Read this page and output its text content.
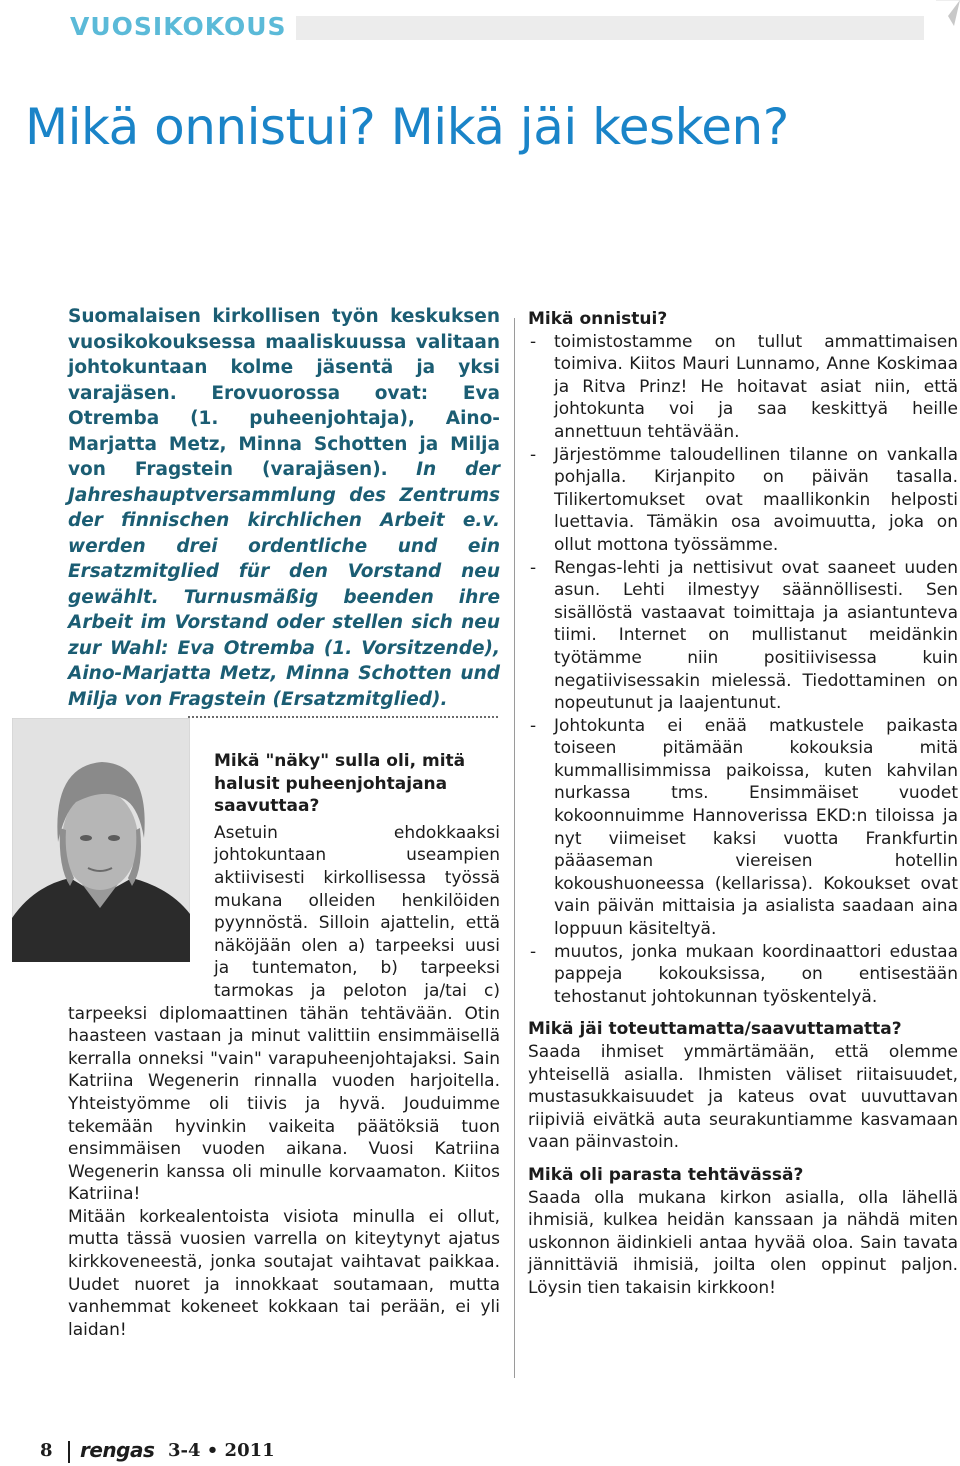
VUOSIKOKOUS
Mikä onnistui? Mikä jäi kesken?

Suomalaisen kirkollisen työn keskuksen vuosikokouksessa maaliskuussa valitaan johtokuntaan kolme jäsentä ja yksi varajäsen. Erovuorossa ovat: Eva Otremba (1. puheenjohtaja), Aino-Marjatta Metz, Minna Schotten ja Milja von Fragstein (varajäsen). In der Jahreshauptversammlung des Zentrums der finnischen kirchlichen Arbeit e.v. werden drei ordentliche und ein Ersatzmitglied für den Vorstand neu gewählt. Turnusmäßig beenden ihre Arbeit im Vorstand oder stellen sich neu zur Wahl: Eva Otremba (1. Vorsitzende), Aino-Marjatta Metz, Minna Schotten und Milja von Fragstein (Ersatzmitglied).

Mikä "näky" sulla oli, mitä halusit puheenjohtajana saavuttaa?

Asetuin ehdokkaaksi johtokuntaan useampien aktiivisesti kirkollisessa työssä mukana olleiden henkilöiden pyynnöstä. Silloin ajattelin, että näköjään olen a) tarpeeksi uusi ja tuntematon, b) tarpeeksi tarmokas ja peloton ja/tai c) tarpeeksi diplomaattinen tähän tehtävään. Otin haasteen vastaan ja minut valittiin ensimmäisellä kerralla onneksi "vain" varapuheenjohtajaksi. Sain Katriina Wegenerin rinnalla vuoden harjoitella. Yhteistyömme oli tiivis ja hyvä. Jouduimme tekemään hyvinkin vaikeita päätöksiä tuon ensimmäisen vuoden aikana. Vuosi Katriina Wegenerin kanssa oli minulle korvaamaton. Kiitos Katriina!

Mitään korkealentoista visiota minulla ei ollut, mutta tässä vuosien varrella on kiteytynyt ajatus kirkkoveneestä, jonka soutajat vaihtavat paikkaa. Uudet nuoret ja innokkaat soutamaan, mutta vanhemmat kokeneet kokkaan tai perään, ei yli laidan!

Mikä onnistui?
- toimistostamme on tullut ammattimaisen toimiva. Kiitos Mauri Lunnamo, Anne Koskimaa ja Ritva Prinz! He hoitavat asiat niin, että johtokunta voi ja saa keskittyä heille annettuun tehtävään.
- Järjestömme taloudellinen tilanne on vankalla pohjalla. Kirjanpito on päivän tasalla. Tilikertomukset ovat maallikonkin helposti luettavia. Tämäkin osa avoimuutta, joka on ollut mottona työssämme.
- Rengas-lehti ja nettisivut ovat saaneet uuden asun. Lehti ilmestyy säännöllisesti. Sen sisällöstä vastaavat toimittaja ja asiantunteva tiimi. Internet on mullistanut meidänkin työtämme niin positiivisessa kuin negatiivisessakin mielessä. Tiedottaminen on nopeutunut ja laajentunut.
- Johtokunta ei enää matkustele paikasta toiseen pitämään kokouksia mitä kummallisimmissa paikoissa, kuten kahvilan nurkassa tms. Ensimmäiset vuodet kokoonnuimme Hannoverissa EKD:n tiloissa ja nyt viimeiset kaksi vuotta Frankfurtin pääaseman viereisen hotellin kokoushuoneessa (kellarissa). Kokoukset ovat vain päivän mittaisia ja asialista saadaan aina loppuun käsiteltyä.
- muutos, jonka mukaan koordinaattori edustaa pappeja kokouksissa, on entisestään tehostanut johtokunnan työskentelyä.
Mikä jäi toteuttamatta/saavuttamatta?

Saada ihmiset ymmärtämään, että olemme yhteisellä asialla. Ihmisten väliset riitaisuudet, mustasukkaisuudet ja kateus ovat uuvuttavan riipiviä eivätkä auta seurakuntiamme kasvamaan vaan päinvastoin.

Mikä oli parasta tehtävässä?

Saada olla mukana kirkon asialla, olla lähellä ihmisiä, kulkea heidän kanssaan ja nähdä miten uskonnon äidinkieli antaa hyvää oloa. Sain tavata jännittäviä ihmisiä, joilta olen oppinut paljon. Löysin tien takaisin kirkkoon!

8 rengas 3-4 • 2011
